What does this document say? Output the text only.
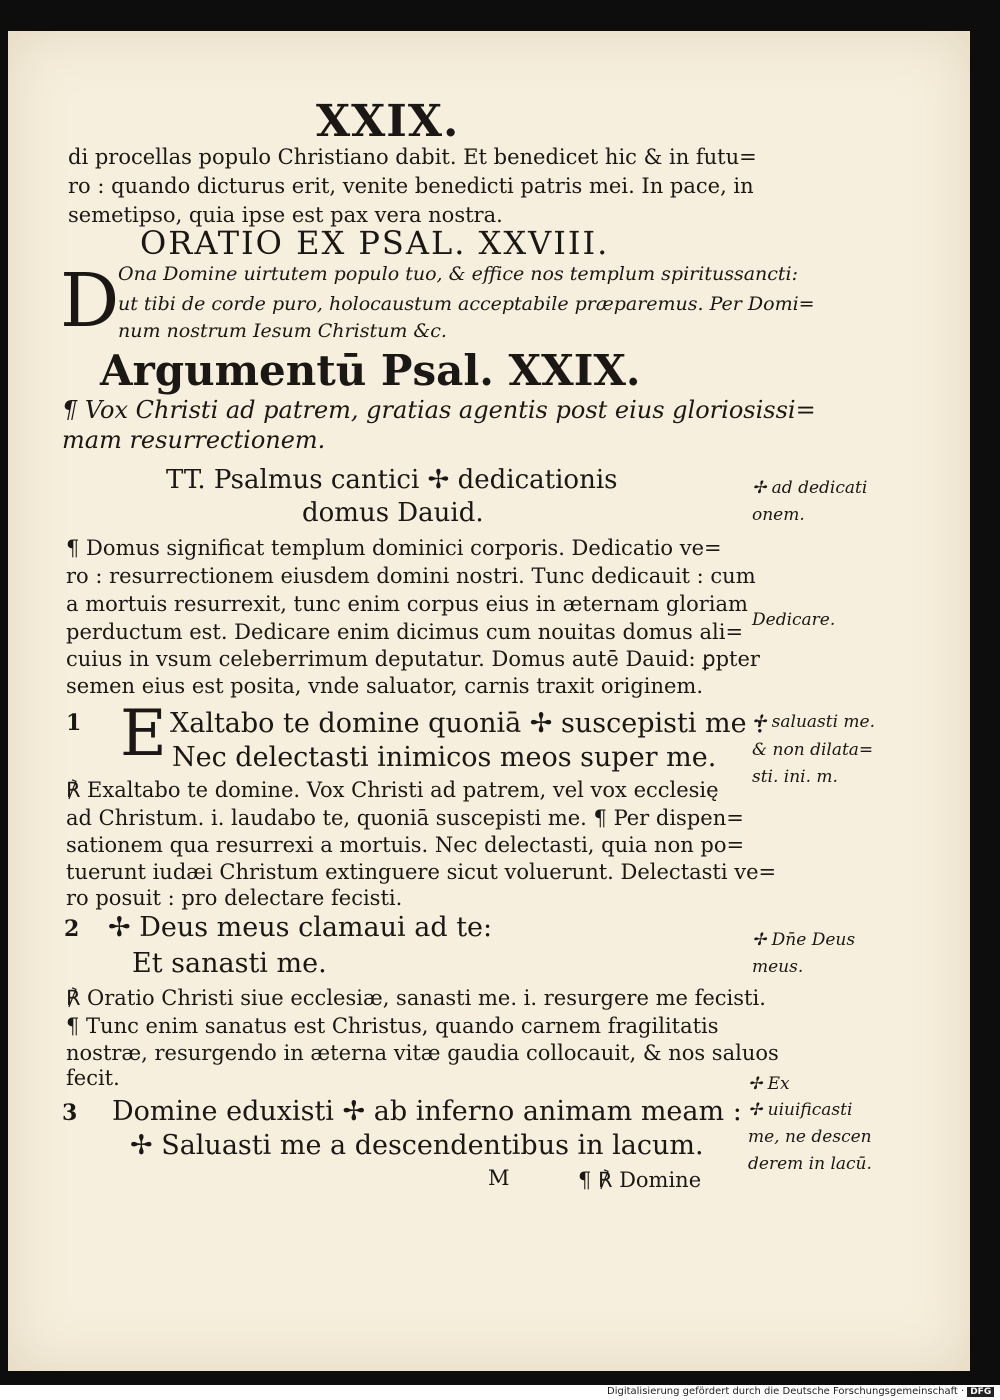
XXIX.
di procellas populo Christiano dabit. Et benedicet hic & in futu=
ro : quando dicturus erit, venite benedicti patris mei. In pace, in
semetipso, quia ipse est pax vera nostra.
ORATIO EX PSAL. XXVIII.
D
Ona Domine uirtutem populo tuo, & effice nos templum spiritussancti:
ut tibi de corde puro, holocaustum acceptabile præparemus. Per Domi=
num nostrum Iesum Christum &c.
Argumentū Psal. XXIX.
¶ Vox Christi ad patrem, gratias agentis post eius gloriosissi=
mam resurrectionem.
TT. Psalmus cantici ✢ dedicationis
domus Dauid.
¶ Domus significat templum dominici corporis. Dedicatio ve=
ro : resurrectionem eiusdem domini nostri. Tunc dedicauit : cum
a mortuis resurrexit, tunc enim corpus eius in æternam gloriam
perductum est. Dedicare enim dicimus cum nouitas domus ali=
cuius in vsum celeberrimum deputatur. Domus autē Dauid: ꝑpter
semen eius est posita, vnde saluator, carnis traxit originem.
1 E Xaltabo te domine quoniā ✢ suscepisti me :
Nec delectasti inimicos meos super me.
℟ Exaltabo te domine. Vox Christi ad patrem, vel vox ecclesię
ad Christum. i. laudabo te, quoniā suscepisti me. ¶ Per dispen=
sationem qua resurrexi a mortuis. Nec delectasti, quia non po=
tuerunt iudæi Christum extinguere sicut voluerunt. Delectasti ve=
ro posuit : pro delectare fecisti.
2 ✢ Deus meus clamaui ad te:
Et sanasti me.
℟ Oratio Christi siue ecclesiæ, sanasti me. i. resurgere me fecisti.
¶ Tunc enim sanatus est Christus, quando carnem fragilitatis
nostræ, resurgendo in æterna vitæ gaudia collocauit, & nos saluos
fecit.
3 Domine eduxisti ✢ ab inferno animam meam :
✢ Saluasti me a descendentibus in lacum.
M	¶ ℟ Domine
✢ ad dedicati
onem.
Dedicare.
✢ saluasti me.
& non dilata=
sti. ini. m.
✢ Dn̄e Deus
meus.
✢ Ex
✢ uiuificasti
me, ne descen
derem in lacū.
Digitalisierung gefördert durch die Deutsche Forschungsgemeinschaft · DFG
